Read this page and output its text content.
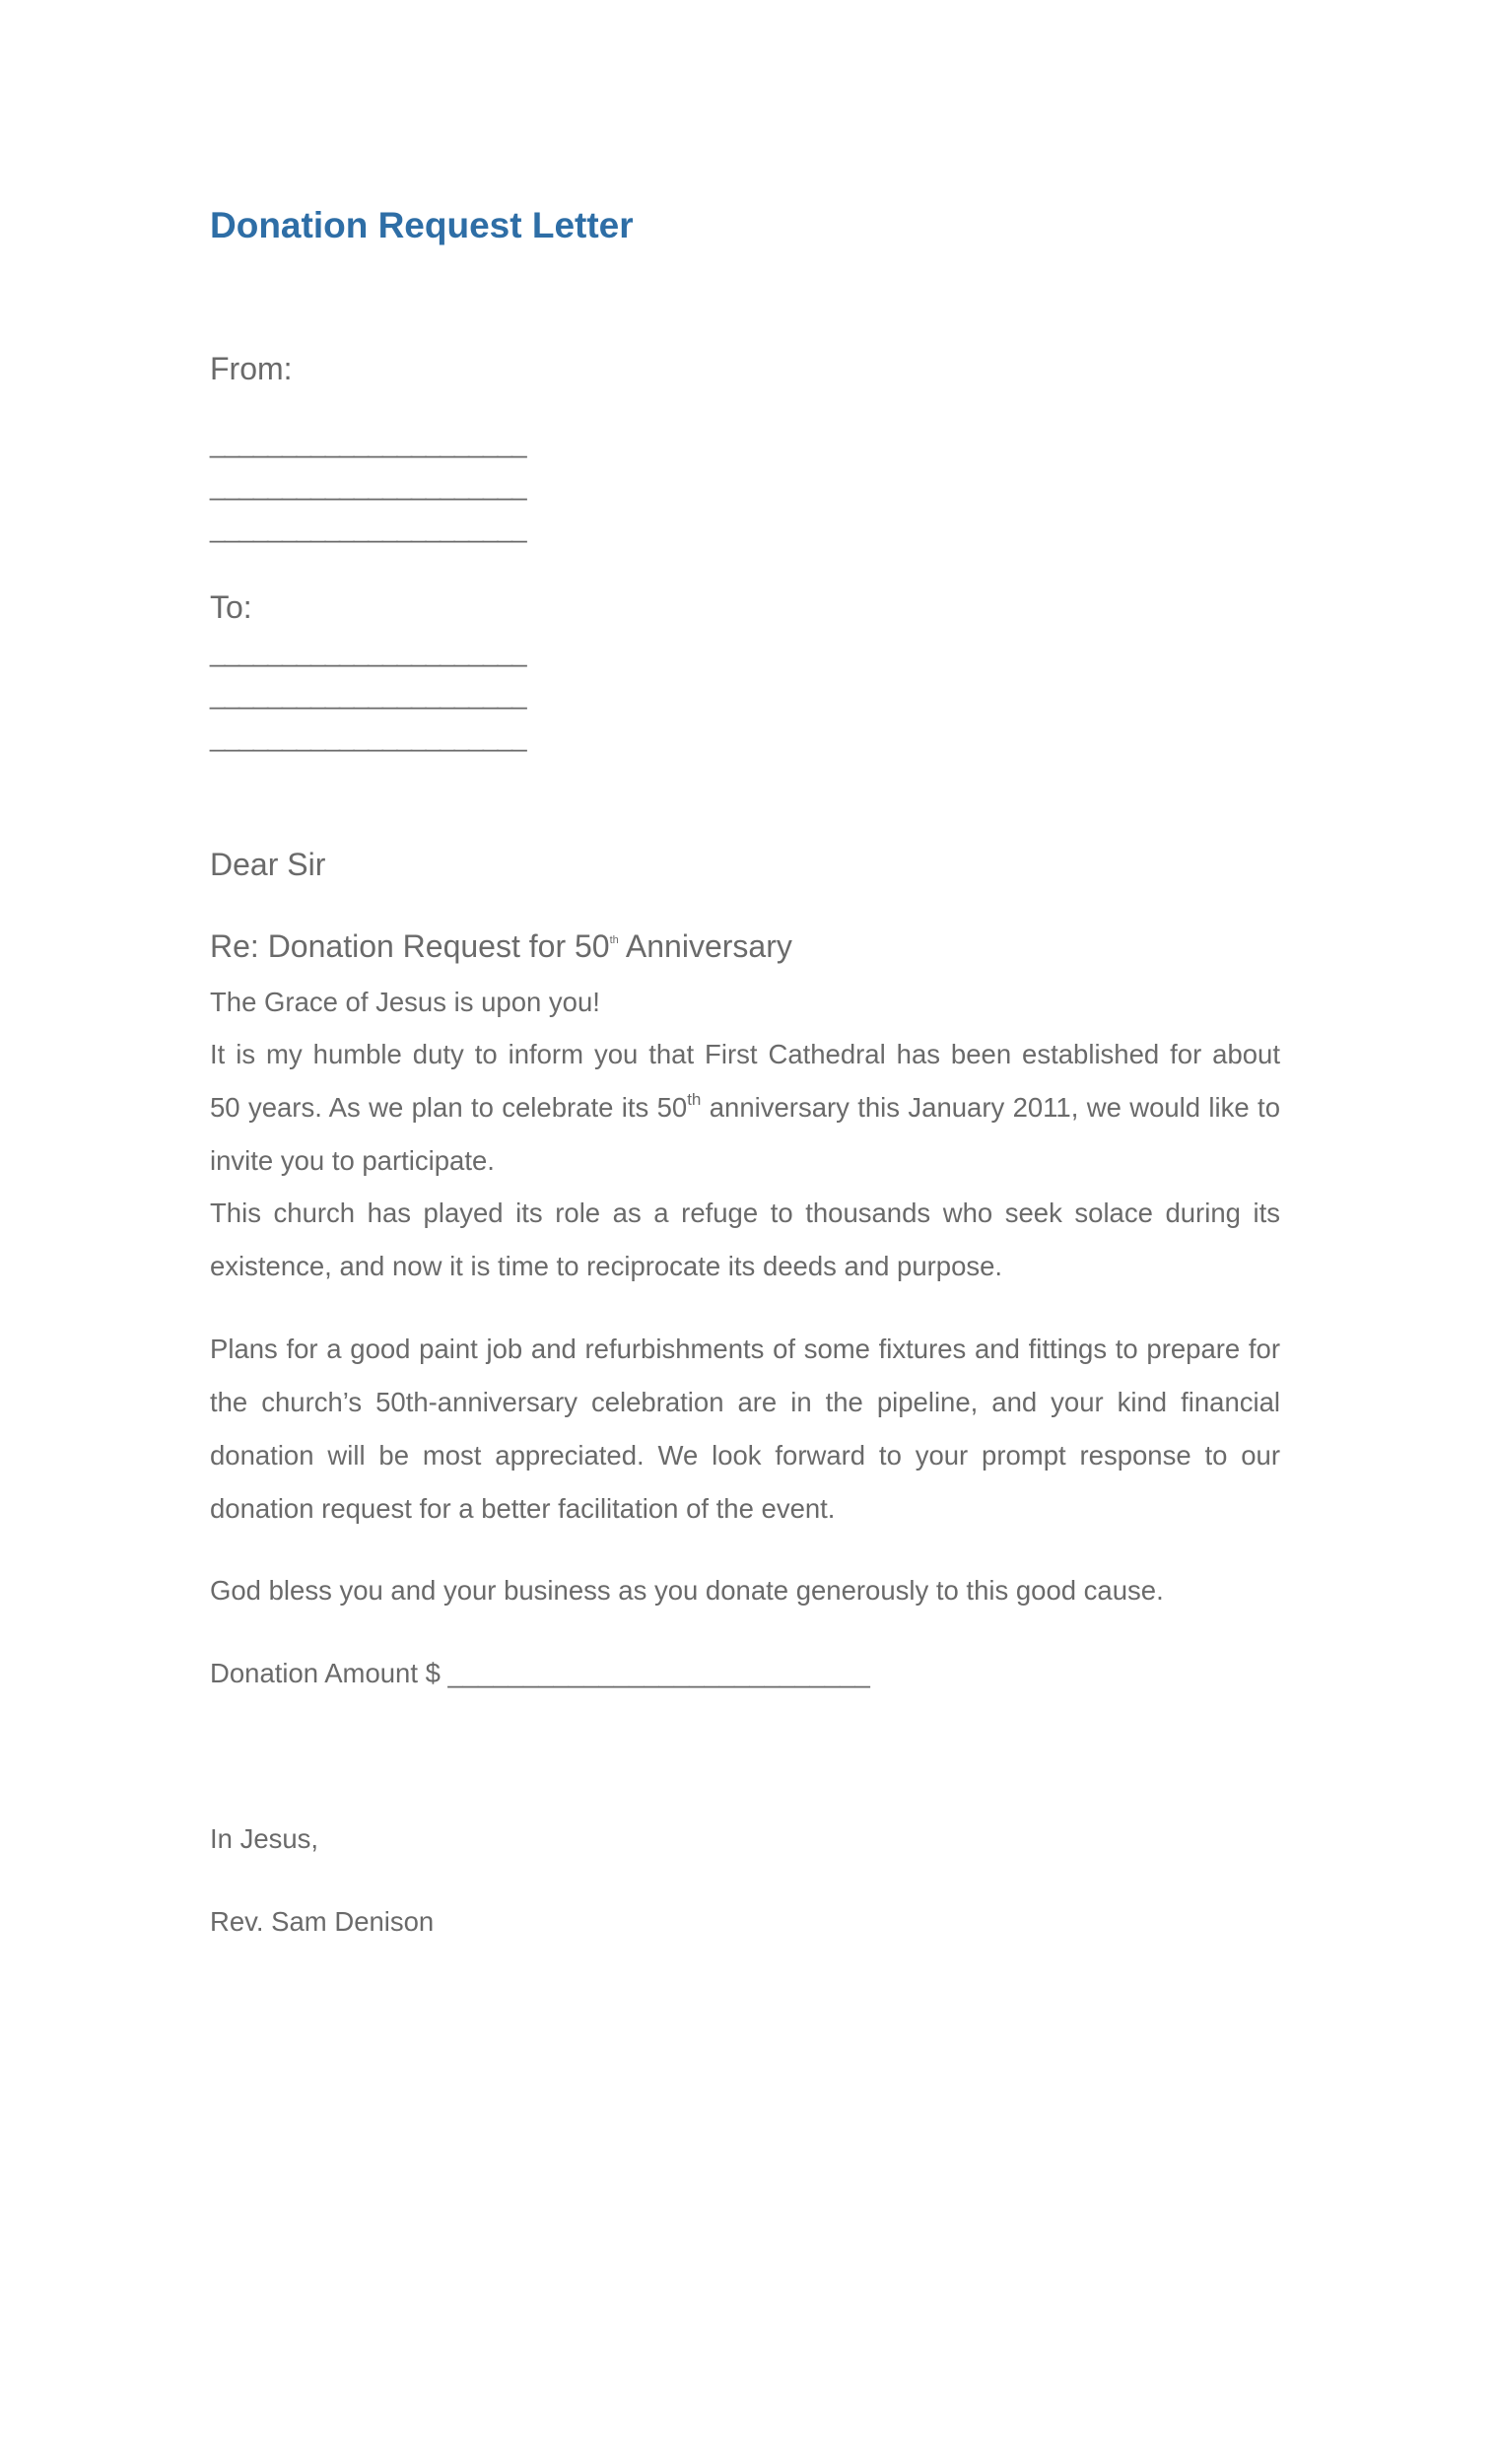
Donation Request Letter

From:

______________________

______________________

______________________

To:

______________________

______________________

______________________

Dear Sir

Re: Donation Request for 50th Anniversary

The Grace of Jesus is upon you!

It is my humble duty to inform you that First Cathedral has been established for about

50 years. As we plan to celebrate its 50th anniversary this January 2011, we would like to

invite you to participate.

This church has played its role as a refuge to thousands who seek solace during its

existence, and now it is time to reciprocate its deeds and purpose.

Plans for a good paint job and refurbishments of some fixtures and fittings to prepare for

the church’s 50th-anniversary celebration are in the pipeline, and your kind financial

donation will be most appreciated. We look forward to your prompt response to our

donation request for a better facilitation of the event.

God bless you and your business as you donate generously to this good cause.

Donation Amount $ ____________________________

In Jesus,

Rev. Sam Denison
